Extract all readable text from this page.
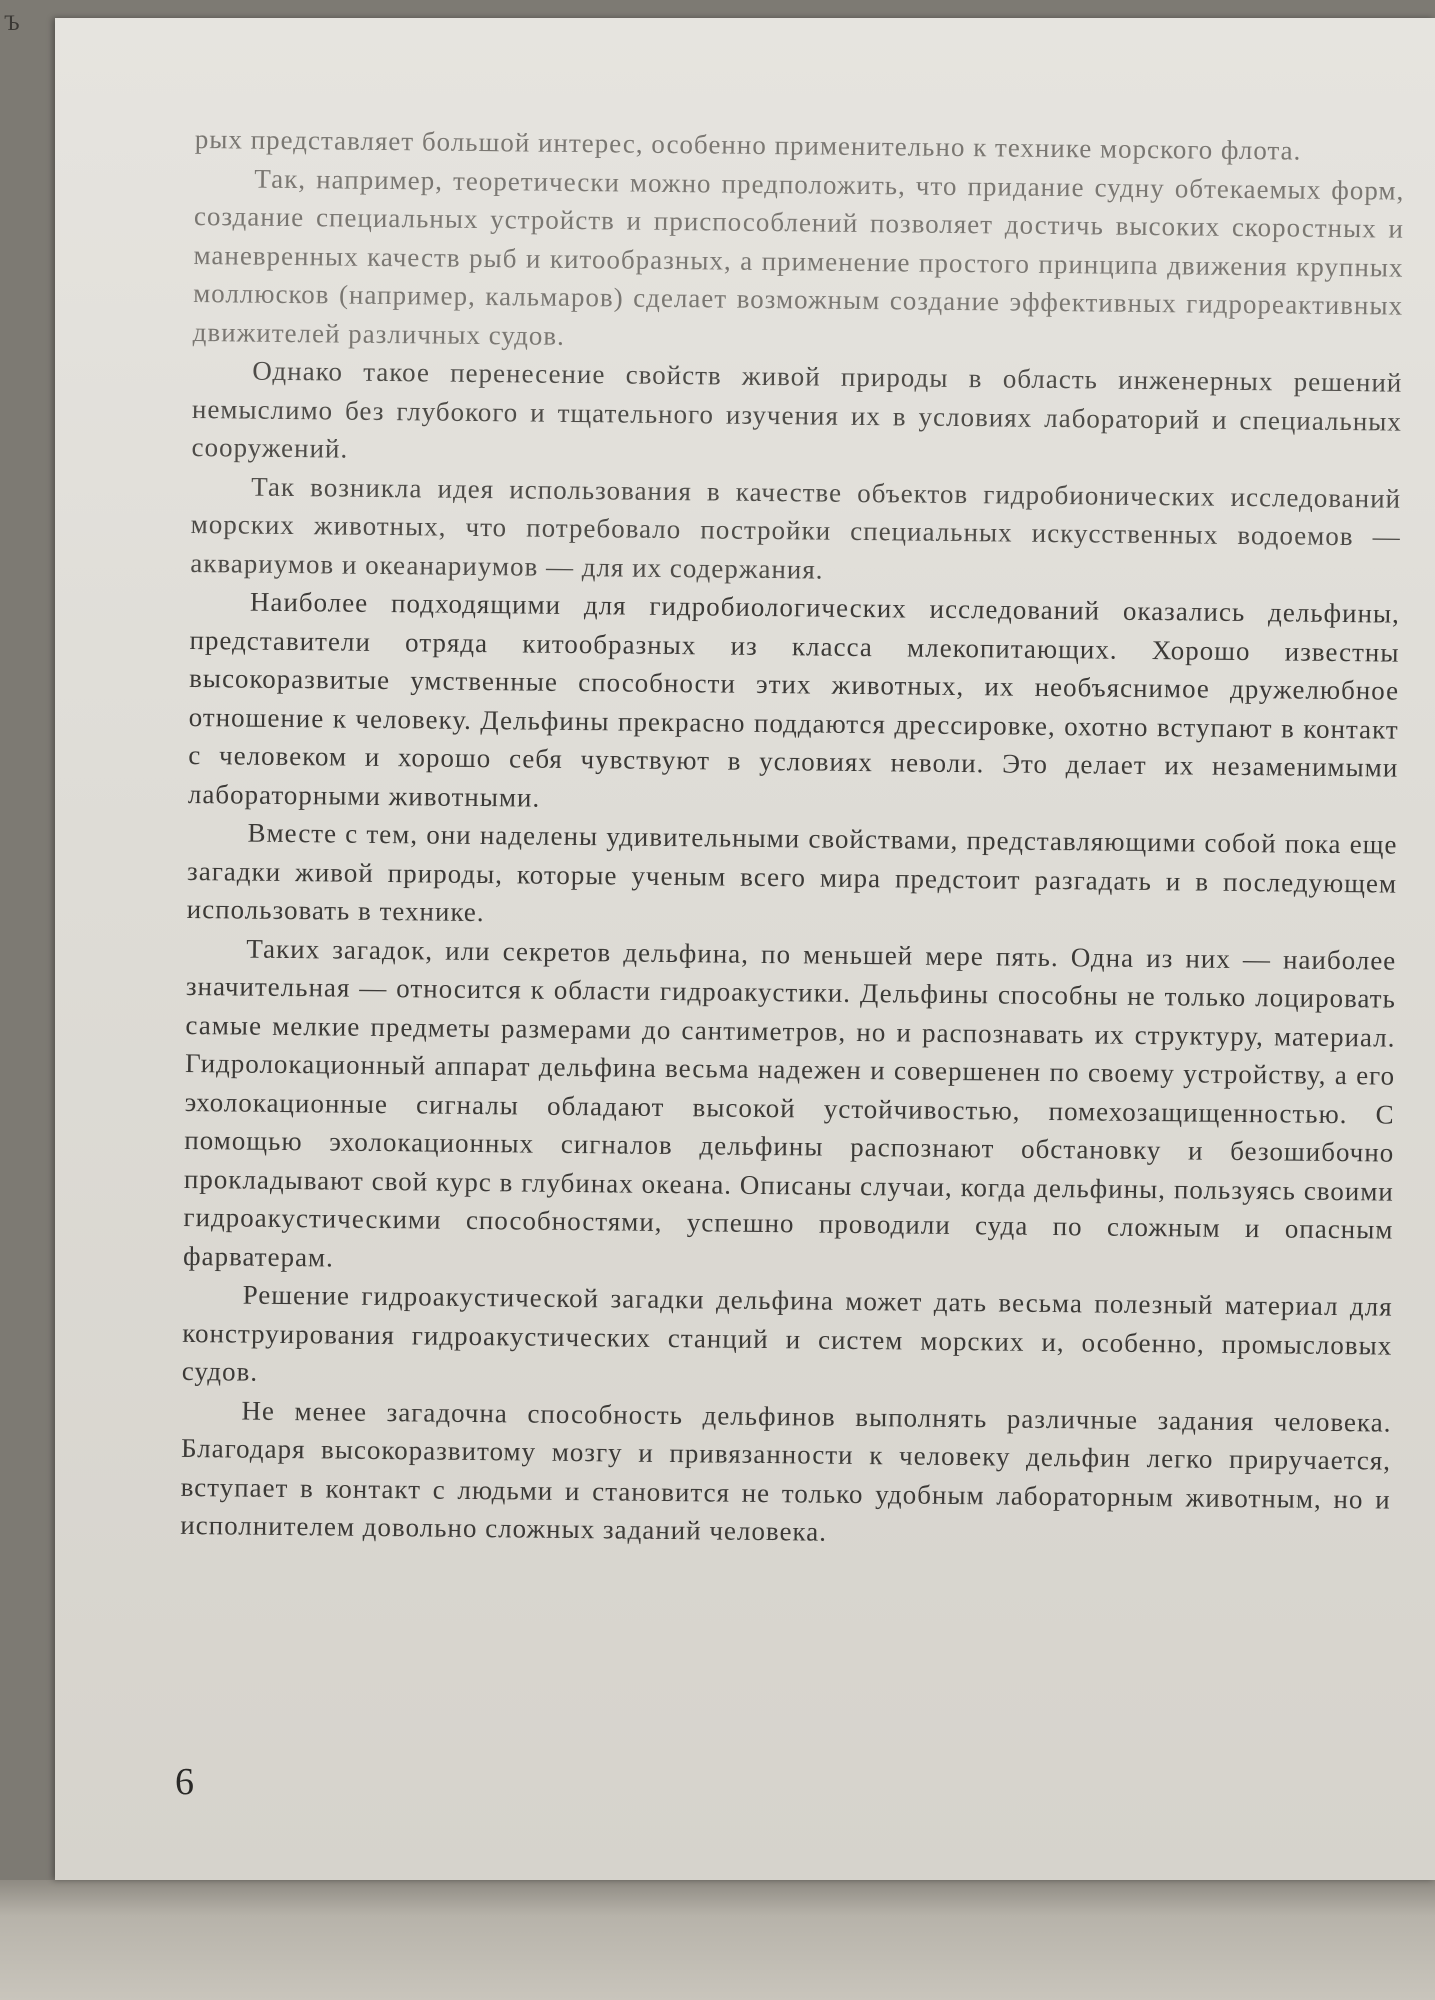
Ъ

рых представляет большой интерес, особенно применительно к технике морского флота.

Так, например, теоретически можно предположить, что придание судну обтекаемых форм, создание специальных устройств и приспособлений позволяет достичь высоких скоростных и маневренных качеств рыб и китообразных, а применение простого принципа движения крупных моллюсков (например, кальмаров) сделает возможным создание эффективных гидрореактивных движителей различных судов.

Однако такое перенесение свойств живой природы в область инженерных решений немыслимо без глубокого и тщательного изучения их в условиях лабораторий и специальных сооружений.

Так возникла идея использования в качестве объектов гидробионических исследований морских животных, что потребовало постройки специальных искусственных водоемов — аквариумов и океанариумов — для их содержания.

Наиболее подходящими для гидробиологических исследований оказались дельфины, представители отряда китообразных из класса млекопитающих. Хорошо известны высокоразвитые умственные способности этих животных, их необъяснимое дружелюбное отношение к человеку. Дельфины прекрасно поддаются дрессировке, охотно вступают в контакт с человеком и хорошо себя чувствуют в условиях неволи. Это делает их незаменимыми лабораторными животными.

Вместе с тем, они наделены удивительными свойствами, представляющими собой пока еще загадки живой природы, которые ученым всего мира предстоит разгадать и в последующем использовать в технике.

Таких загадок, или секретов дельфина, по меньшей мере пять. Одна из них — наиболее значительная — относится к области гидроакустики. Дельфины способны не только лоцировать самые мелкие предметы размерами до сантиметров, но и распознавать их структуру, материал. Гидролокационный аппарат дельфина весьма надежен и совершенен по своему устройству, а его эхолокационные сигналы обладают высокой устойчивостью, помехозащищенностью. С помощью эхолокационных сигналов дельфины распознают обстановку и безошибочно прокладывают свой курс в глубинах океана. Описаны случаи, когда дельфины, пользуясь своими гидроакустическими способностями, успешно проводили суда по сложным и опасным фарватерам.

Решение гидроакустической загадки дельфина может дать весьма полезный материал для конструирования гидроакустических станций и систем морских и, особенно, промысловых судов.

Не менее загадочна способность дельфинов выполнять различные задания человека. Благодаря высокоразвитому мозгу и привязанности к человеку дельфин легко приручается, вступает в контакт с людьми и становится не только удобным лабораторным животным, но и исполнителем довольно сложных заданий человека.

6
